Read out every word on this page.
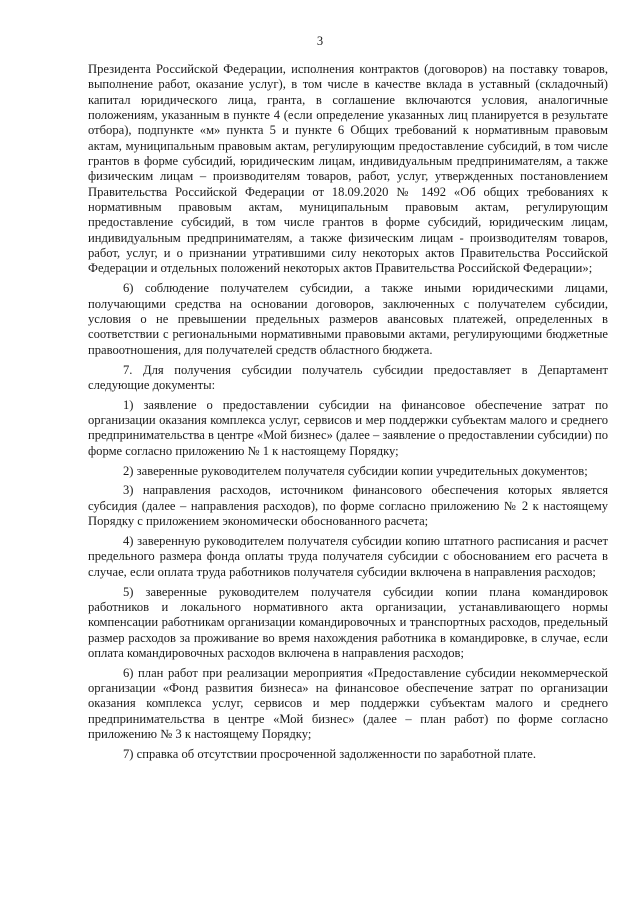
3

Президента Российской Федерации, исполнения контрактов (договоров) на поставку товаров, выполнение работ, оказание услуг), в том числе в качестве вклада в уставный (складочный) капитал юридического лица, гранта, в соглашение включаются условия, аналогичные положениям, указанным в пункте 4 (если определение указанных лиц планируется в результате отбора), подпункте «м» пункта 5 и пункте 6 Общих требований к нормативным правовым актам, муниципальным правовым актам, регулирующим предоставление субсидий, в том числе грантов в форме субсидий, юридическим лицам, индивидуальным предпринимателям, а также физическим лицам – производителям товаров, работ, услуг, утвержденных постановлением Правительства Российской Федерации от 18.09.2020 № 1492 «Об общих требованиях к нормативным правовым актам, муниципальным правовым актам, регулирующим предоставление субсидий, в том числе грантов в форме субсидий, юридическим лицам, индивидуальным предпринимателям, а также физическим лицам - производителям товаров, работ, услуг, и о признании утратившими силу некоторых актов Правительства Российской Федерации и отдельных положений некоторых актов Правительства Российской Федерации»;

6) соблюдение получателем субсидии, а также иными юридическими лицами, получающими средства на основании договоров, заключенных с получателем субсидии, условия о не превышении предельных размеров авансовых платежей, определенных в соответствии с региональными нормативными правовыми актами, регулирующими бюджетные правоотношения, для получателей средств областного бюджета.

7. Для получения субсидии получатель субсидии предоставляет в Департамент следующие документы:

1) заявление о предоставлении субсидии на финансовое обеспечение затрат по организации оказания комплекса услуг, сервисов и мер поддержки субъектам малого и среднего предпринимательства в центре «Мой бизнес» (далее – заявление о предоставлении субсидии) по форме согласно приложению № 1 к настоящему Порядку;

2) заверенные руководителем получателя субсидии копии учредительных документов;

3) направления расходов, источником финансового обеспечения которых является субсидия (далее – направления расходов), по форме согласно приложению № 2 к настоящему Порядку с приложением экономически обоснованного расчета;

4) заверенную руководителем получателя субсидии копию штатного расписания и расчет предельного размера фонда оплаты труда получателя субсидии с обоснованием его расчета в случае, если оплата труда работников получателя субсидии включена в направления расходов;

5) заверенные руководителем получателя субсидии копии плана командировок работников и локального нормативного акта организации, устанавливающего нормы компенсации работникам организации командировочных и транспортных расходов, предельный размер расходов за проживание во время нахождения работника в командировке, в случае, если оплата командировочных расходов включена в направления расходов;

6) план работ при реализации мероприятия «Предоставление субсидии некоммерческой организации «Фонд развития бизнеса» на финансовое обеспечение затрат по организации оказания комплекса услуг, сервисов и мер поддержки субъектам малого и среднего предпринимательства в центре «Мой бизнес» (далее – план работ) по форме согласно приложению № 3 к настоящему Порядку;

7) справка об отсутствии просроченной задолженности по заработной плате.
